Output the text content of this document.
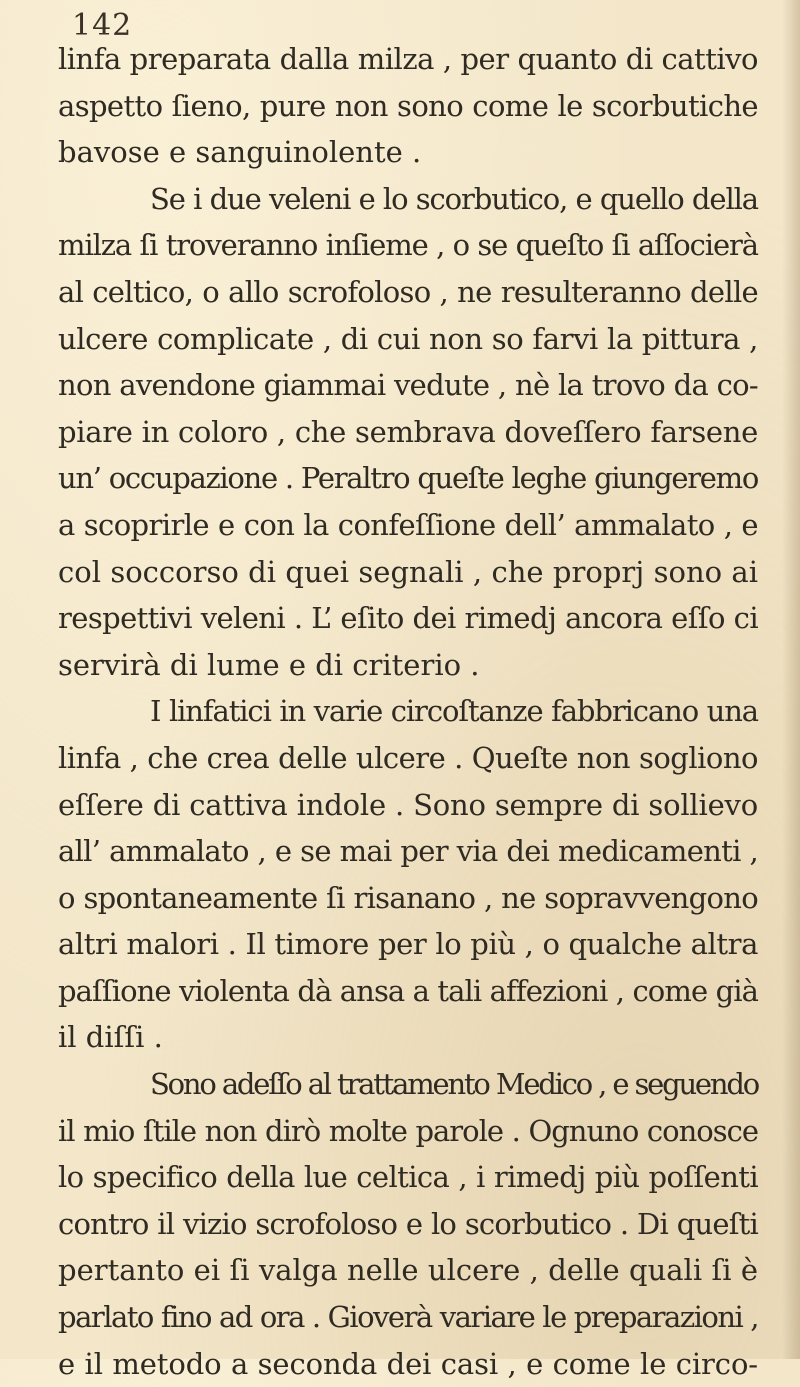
142
linfa preparata dalla milza , per quanto di cattivo
aspetto ſieno, pure non sono come le scorbutiche
bavose e sanguinolente .
Se i due veleni e lo scorbutico, e quello della
milza ſi troveranno inſieme , o se queſto ſi aſſocierà
al celtico, o allo scrofoloso , ne resulteranno delle
ulcere complicate , di cui non so farvi la pittura ,
non avendone giammai vedute , nè la trovo da co-
piare in coloro , che sembrava doveſſero farsene
un’ occupazione . Peraltro queſte leghe giungeremo
a scoprirle e con la confeſſione dell’ ammalato , e
col soccorso di quei segnali , che proprj sono ai
respettivi veleni . L’ eſito dei rimedj ancora eſſo ci
servirà di lume e di criterio .
I linfatici in varie circoſtanze fabbricano una
linfa , che crea delle ulcere . Queſte non sogliono
eſſere di cattiva indole . Sono sempre di sollievo
all’ ammalato , e se mai per via dei medicamenti ,
o spontaneamente ſi risanano , ne sopravvengono
altri malori . Il timore per lo più , o qualche altra
paſſione violenta dà ansa a tali affezioni , come già
il diſſi .
Sono adeſſo al trattamento Medico , e seguendo
il mio ſtile non dirò molte parole . Ognuno conosce
lo specifico della lue celtica , i rimedj più poſſenti
contro il vizio scrofoloso e lo scorbutico . Di queſti
pertanto ei ſi valga nelle ulcere , delle quali ſi è
parlato fino ad ora . Gioverà variare le preparazioni ,
e il metodo a seconda dei casi , e come le circo-
